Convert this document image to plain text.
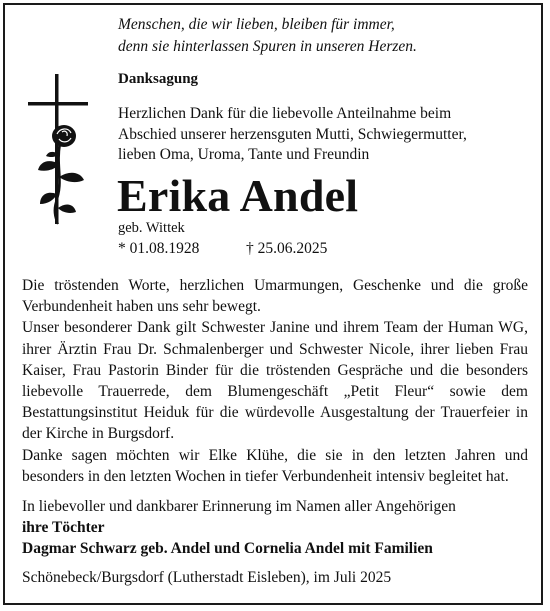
Menschen, die wir lieben, bleiben für immer,
denn sie hinterlassen Spuren in unseren Herzen.
Danksagung
Herzlichen Dank für die liebevolle Anteilnahme beim
Abschied unserer herzensguten Mutti, Schwiegermutter,
lieben Oma, Uroma, Tante und Freundin
Erika Andel
geb. Wittek
* 01.08.1928	† 25.06.2025

Die tröstenden Worte, herzlichen Umarmungen, Geschenke und die große Verbundenheit haben uns sehr bewegt.

Unser besonderer Dank gilt Schwester Janine und ihrem Team der Human WG, ihrer Ärztin Frau Dr. Schmalenberger und Schwester Nicole, ihrer lieben Frau Kaiser, Frau Pastorin Binder für die tröstenden Gespräche und die besonders liebevolle Trauerrede, dem Blumengeschäft „Petit Fleur“ sowie dem Bestattungsinstitut Heiduk für die würdevolle Ausgestaltung der Trauerfeier in der Kirche in Burgsdorf.

Danke sagen möchten wir Elke Klühe, die sie in den letzten Jahren und besonders in den letzten Wochen in tiefer Verbundenheit intensiv begleitet hat.

In liebevoller und dankbarer Erinnerung im Namen aller Angehörigen
ihre Töchter
Dagmar Schwarz geb. Andel und Cornelia Andel mit Familien
Schönebeck/Burgsdorf (Lutherstadt Eisleben), im Juli 2025
